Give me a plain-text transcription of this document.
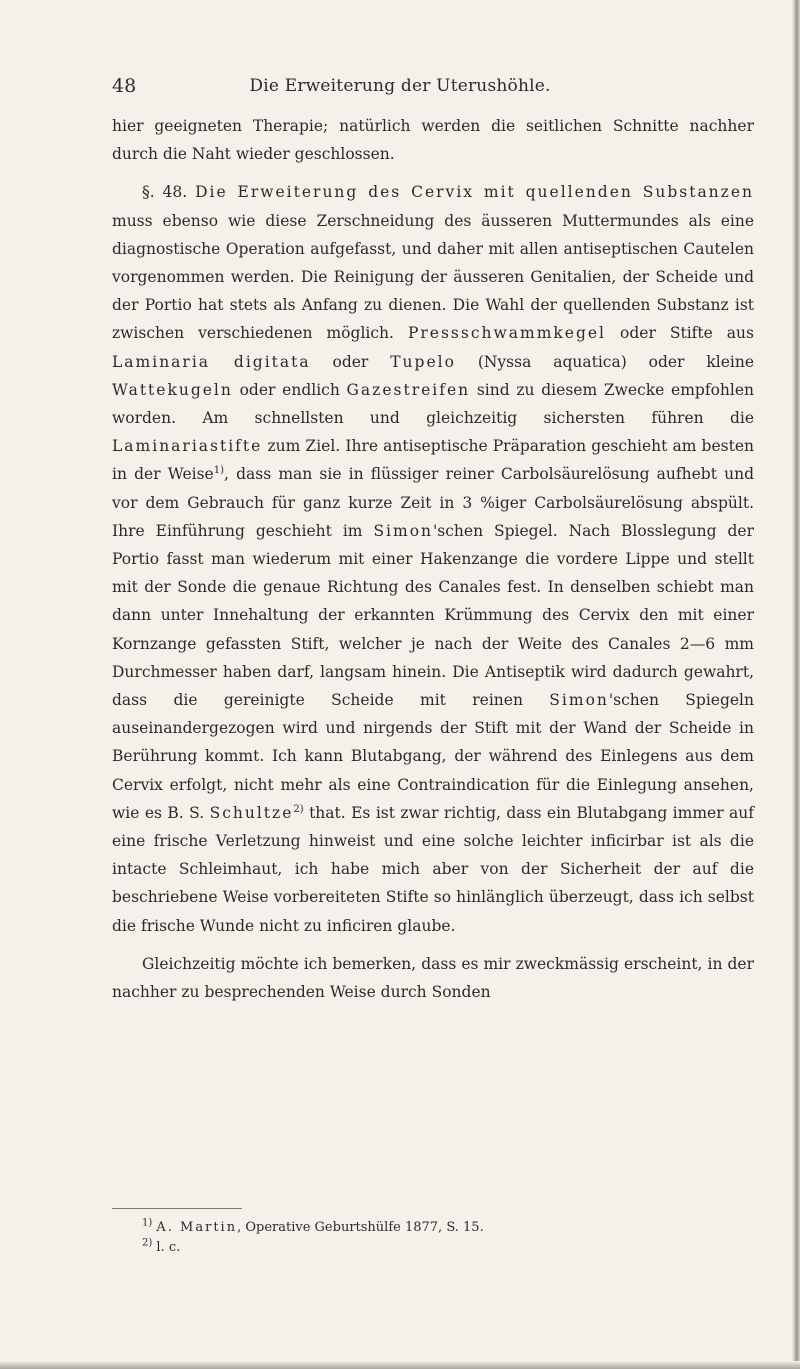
48	Die Erweiterung der Uterushöhle.

hier geeigneten Therapie; natürlich werden die seitlichen Schnitte nachher durch die Naht wieder geschlossen.

§. 48. Die Erweiterung des Cervix mit quellenden Substanzen muss ebenso wie diese Zerschneidung des äusseren Muttermundes als eine diagnostische Operation aufgefasst, und daher mit allen antiseptischen Cautelen vorgenommen werden. Die Reinigung der äusseren Genitalien, der Scheide und der Portio hat stets als Anfang zu dienen. Die Wahl der quellenden Substanz ist zwischen verschiedenen möglich. Pressschwammkegel oder Stifte aus Laminaria digitata oder Tupelo (Nyssa aquatica) oder kleine Wattekugeln oder endlich Gazestreifen sind zu diesem Zwecke empfohlen worden. Am schnellsten und gleichzeitig sichersten führen die Laminariastifte zum Ziel. Ihre antiseptische Präparation geschieht am besten in der Weise$^{1)}$, dass man sie in flüssiger reiner Carbolsäurelösung aufhebt und vor dem Gebrauch für ganz kurze Zeit in 3 %iger Carbolsäurelösung abspült. Ihre Einführung geschieht im Simon'schen Spiegel. Nach Blosslegung der Portio fasst man wiederum mit einer Hakenzange die vordere Lippe und stellt mit der Sonde die genaue Richtung des Canales fest. In denselben schiebt man dann unter Innehaltung der erkannten Krümmung des Cervix den mit einer Kornzange gefassten Stift, welcher je nach der Weite des Canales 2—6 mm Durchmesser haben darf, langsam hinein. Die Antiseptik wird dadurch gewahrt, dass die gereinigte Scheide mit reinen Simon'schen Spiegeln auseinandergezogen wird und nirgends der Stift mit der Wand der Scheide in Berührung kommt. Ich kann Blutabgang, der während des Einlegens aus dem Cervix erfolgt, nicht mehr als eine Contraindication für die Einlegung ansehen, wie es B. S. Schultze$^{2)}$ that. Es ist zwar richtig, dass ein Blutabgang immer auf eine frische Verletzung hinweist und eine solche leichter inficirbar ist als die intacte Schleimhaut, ich habe mich aber von der Sicherheit der auf die beschriebene Weise vorbereiteten Stifte so hinlänglich überzeugt, dass ich selbst die frische Wunde nicht zu inficiren glaube.

Gleichzeitig möchte ich bemerken, dass es mir zweckmässig erscheint, in der nachher zu besprechenden Weise durch Sonden

$^{1)}$ A. Martin, Operative Geburtshülfe 1877, S. 15.
$^{2)}$ l. c.
